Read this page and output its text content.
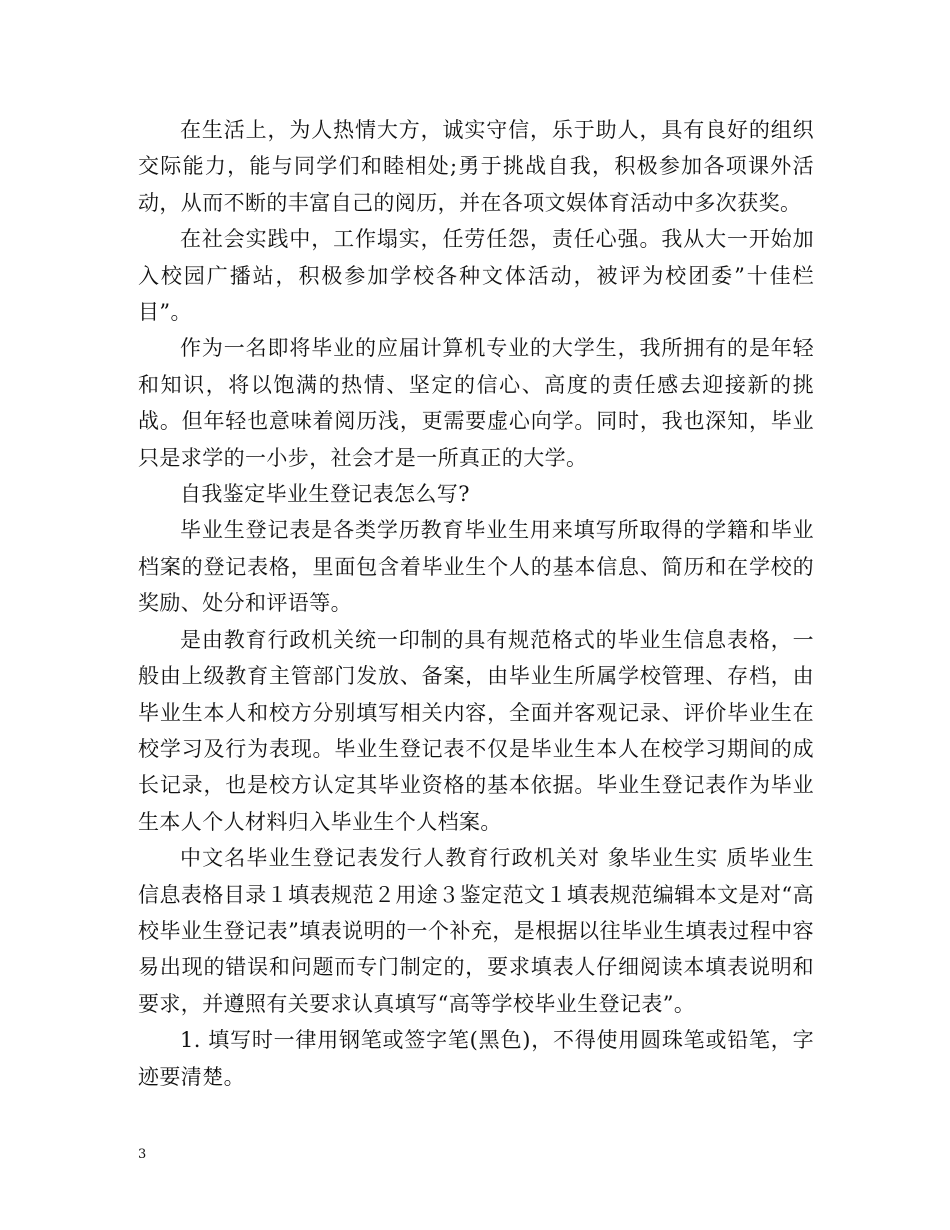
在生活上，为人热情大方，诚实守信，乐于助人，具有良好的组织交际能力，能与同学们和睦相处;勇于挑战自我，积极参加各项课外活动，从而不断的丰富自己的阅历，并在各项文娱体育活动中多次获奖。

在社会实践中，工作塌实，任劳任怨，责任心强。我从大一开始加入校园广播站，积极参加学校各种文体活动，被评为校团委”十佳栏目”。

作为一名即将毕业的应届计算机专业的大学生，我所拥有的是年轻和知识，将以饱满的热情、坚定的信心、高度的责任感去迎接新的挑战。但年轻也意味着阅历浅，更需要虚心向学。同时，我也深知，毕业只是求学的一小步，社会才是一所真正的大学。

自我鉴定毕业生登记表怎么写?

毕业生登记表是各类学历教育毕业生用来填写所取得的学籍和毕业档案的登记表格，里面包含着毕业生个人的基本信息、简历和在学校的奖励、处分和评语等。

是由教育行政机关统一印制的具有规范格式的毕业生信息表格，一般由上级教育主管部门发放、备案，由毕业生所属学校管理、存档，由毕业生本人和校方分别填写相关内容，全面并客观记录、评价毕业生在校学习及行为表现。毕业生登记表不仅是毕业生本人在校学习期间的成长记录，也是校方认定其毕业资格的基本依据。毕业生登记表作为毕业生本人个人材料归入毕业生个人档案。

中文名毕业生登记表发行人教育行政机关对 象毕业生实 质毕业生信息表格目录１填表规范２用途３鉴定范文１填表规范编辑本文是对“高校毕业生登记表”填表说明的一个补充，是根据以往毕业生填表过程中容易出现的错误和问题而专门制定的，要求填表人仔细阅读本填表说明和要求，并遵照有关要求认真填写“高等学校毕业生登记表”。

1. 填写时一律用钢笔或签字笔(黑色)，不得使用圆珠笔或铅笔，字迹要清楚。

3
